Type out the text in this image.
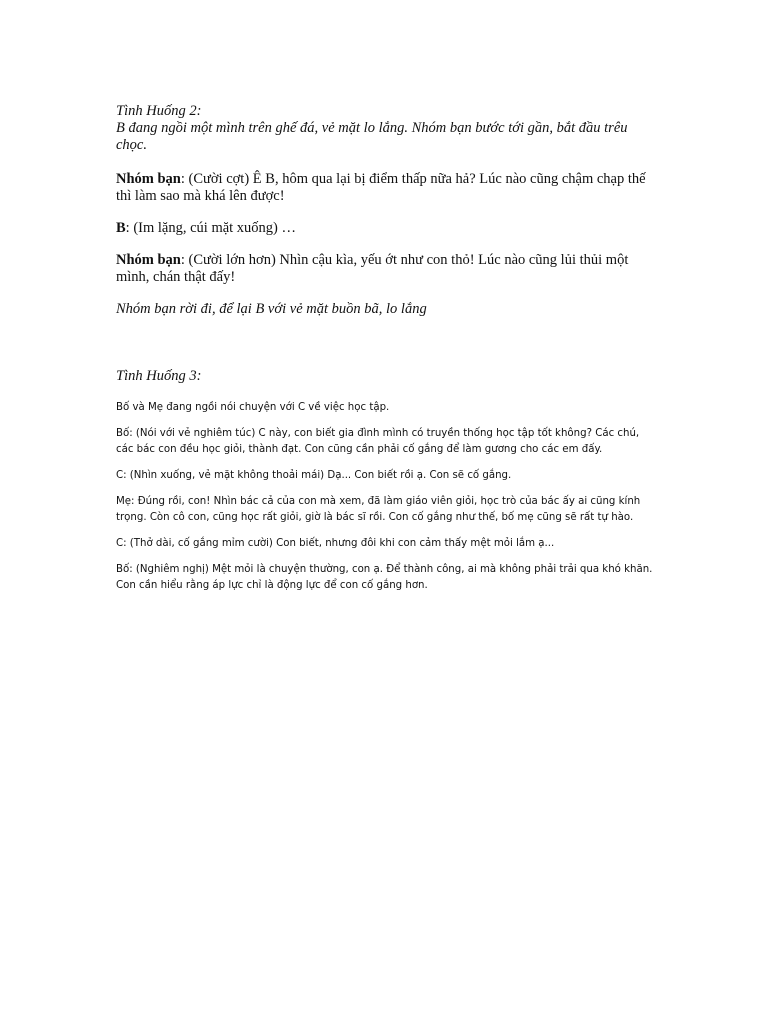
Tình Huống 2:

B đang ngồi một mình trên ghế đá, vẻ mặt lo lắng. Nhóm bạn bước tới gần, bắt đầu trêu chọc.

Nhóm bạn: (Cười cợt) Ê B, hôm qua lại bị điểm thấp nữa hả? Lúc nào cũng chậm chạp thế thì làm sao mà khá lên được!

B: (Im lặng, cúi mặt xuống) …

Nhóm bạn: (Cười lớn hơn) Nhìn cậu kìa, yếu ớt như con thỏ! Lúc nào cũng lủi thủi một mình, chán thật đấy!

Nhóm bạn rời đi, để lại B với vẻ mặt buồn bã, lo lắng

Tình Huống 3:

Bố và Mẹ đang ngồi nói chuyện với C về việc học tập.

Bố: (Nói với vẻ nghiêm túc) C này, con biết gia đình mình có truyền thống học tập tốt không? Các chú, các bác con đều học giỏi, thành đạt. Con cũng cần phải cố gắng để làm gương cho các em đấy.

C: (Nhìn xuống, vẻ mặt không thoải mái) Dạ... Con biết rồi ạ. Con sẽ cố gắng.

Mẹ: Đúng rồi, con! Nhìn bác cả của con mà xem, đã làm giáo viên giỏi, học trò của bác ấy ai cũng kính trọng. Còn cô con, cũng học rất giỏi, giờ là bác sĩ rồi. Con cố gắng như thế, bố mẹ cũng sẽ rất tự hào.

C: (Thở dài, cố gắng mỉm cười) Con biết, nhưng đôi khi con cảm thấy mệt mỏi lắm ạ...

Bố: (Nghiêm nghị) Mệt mỏi là chuyện thường, con ạ. Để thành công, ai mà không phải trải qua khó khăn. Con cần hiểu rằng áp lực chỉ là động lực để con cố gắng hơn.
